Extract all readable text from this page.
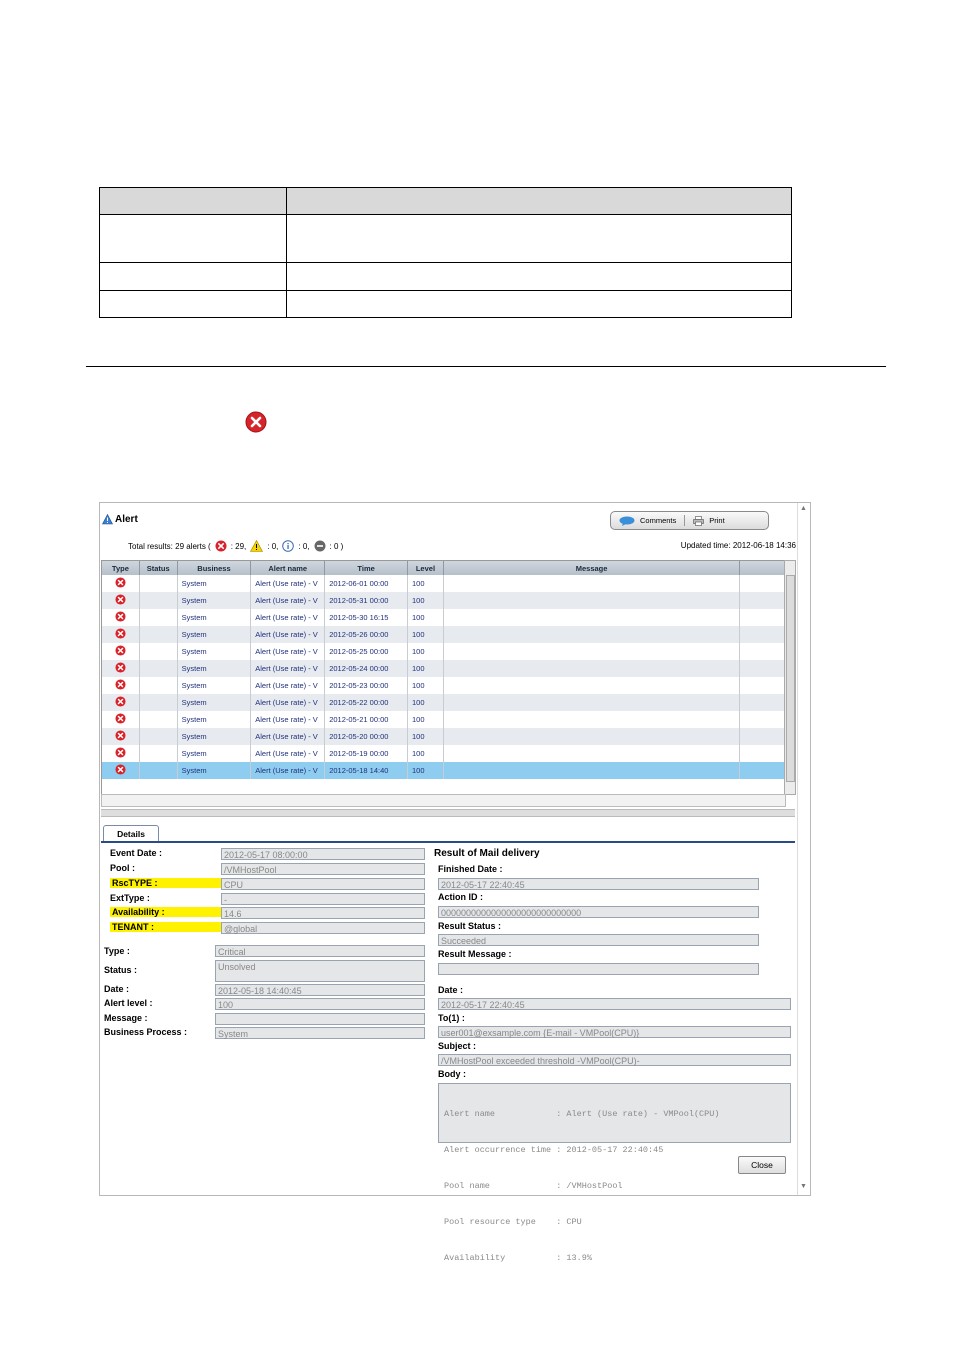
Alert	Comments	Print
Total results: 29 alerts (	: 29,	: 0,	: 0,	: 0 )	Updated time: 2012-06-18 14:36
Type	Status	Business	Alert name	Time	Level	Message	
		System	Alert (Use rate) - V	2012-06-01 00:00	100		
		System	Alert (Use rate) - V	2012-05-31 00:00	100		
		System	Alert (Use rate) - V	2012-05-30 16:15	100		
		System	Alert (Use rate) - V	2012-05-26 00:00	100		
		System	Alert (Use rate) - V	2012-05-25 00:00	100		
		System	Alert (Use rate) - V	2012-05-24 00:00	100		
		System	Alert (Use rate) - V	2012-05-23 00:00	100		
		System	Alert (Use rate) - V	2012-05-22 00:00	100		
		System	Alert (Use rate) - V	2012-05-21 00:00	100		
		System	Alert (Use rate) - V	2012-05-20 00:00	100		
		System	Alert (Use rate) - V	2012-05-19 00:00	100		
		System	Alert (Use rate) - V	2012-05-18 14:40	100		
Details
Event Date :	2012-05-17 08:00:00
Pool :	/VMHostPool
RscTYPE :	CPU
ExtType :	-
Availability :	14.6
TENANT :	@global
Type :	Critical
Status :	Unsolved
Date :	2012-05-18 14:40:45
Alert level :	100
Message :
Business Process :	System
Result of Mail delivery
Finished Date :
2012-05-17 22:40:45
Action ID :
0000000000000000000000000000
Result Status :
Succeeded
Result Message :
Date :
2012-05-17 22:40:45
To(1) :
user001@exsample.com {E-mail - VMPool(CPU)}
Subject :
/VMHostPool exceeded threshold -VMPool(CPU)-
Body :

Alert name            : Alert (Use rate) - VMPool(CPU)

Alert occurrence time : 2012-05-17 22:40:45

Pool name             : /VMHostPool

Pool resource type    : CPU

Availability          : 13.9%

Close
▲
▼
